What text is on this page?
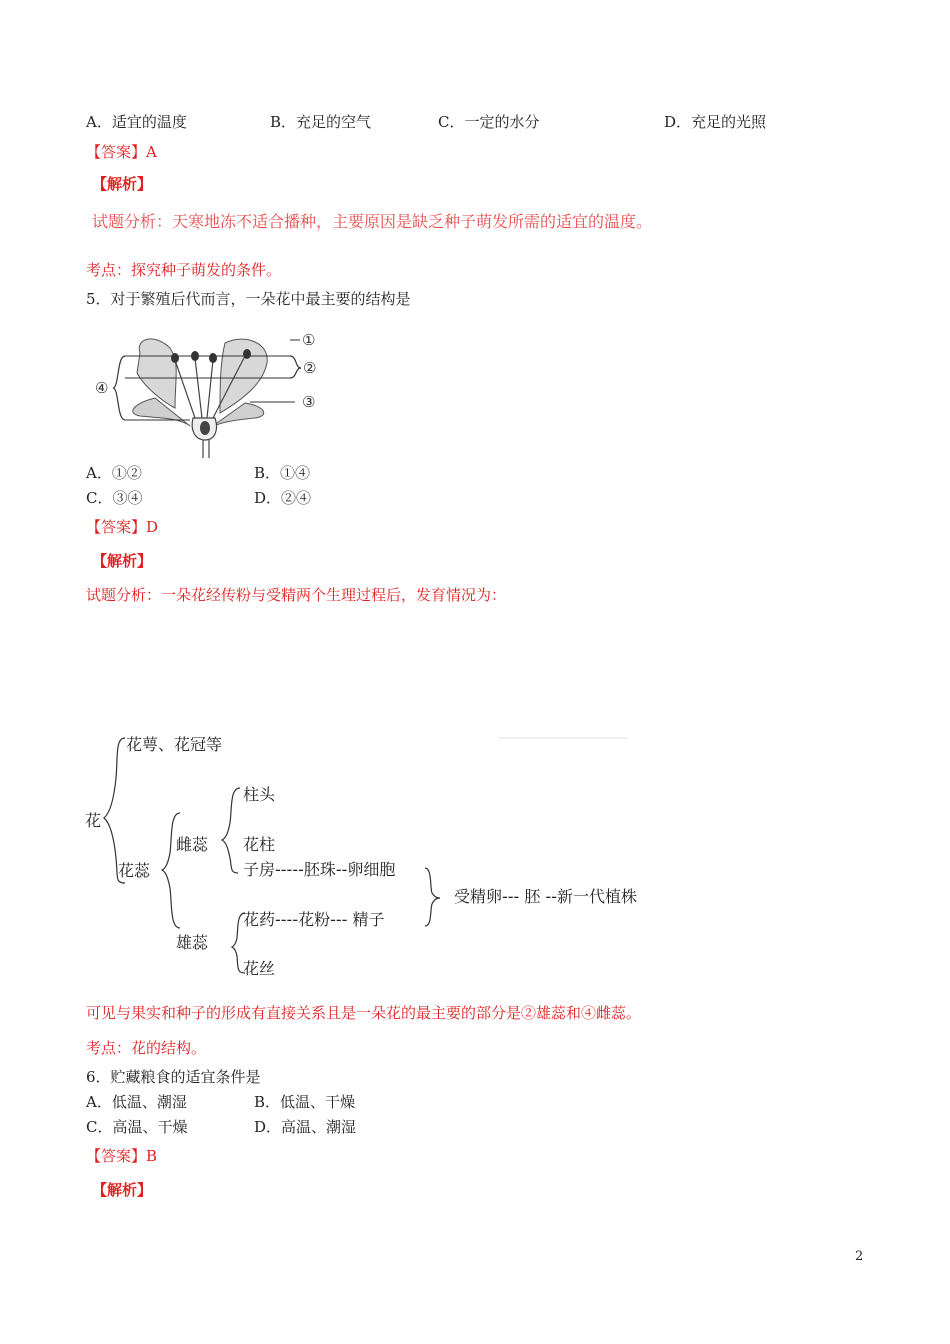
A．适宜的温度	B．充足的空气	C．一定的水分	D．充足的光照
【答案】A
【解析】
试题分析：天寒地冻不适合播种，主要原因是缺乏种子萌发所需的适宜的温度。
考点：探究种子萌发的条件。
5．对于繁殖后代而言，一朵花中最主要的结构是
①
②
③
④
A．①②	B．①④
C．③④	D．②④
【答案】D
【解析】
试题分析：一朵花经传粉与受精两个生理过程后，发育情况为：
花
花萼、花冠等
花蕊
雌蕊
柱头
花柱
子房-----胚珠--卵细胞
雄蕊
花药----花粉--- 精子
花丝
受精卵--- 胚 --新一代植株
可见与果实和种子的形成有直接关系且是一朵花的最主要的部分是②雄蕊和④雌蕊。
考点：花的结构。
6．贮藏粮食的适宜条件是
A．低温、潮湿	B．低温、干燥
C．高温、干燥	D．高温、潮湿
【答案】B
【解析】
2
